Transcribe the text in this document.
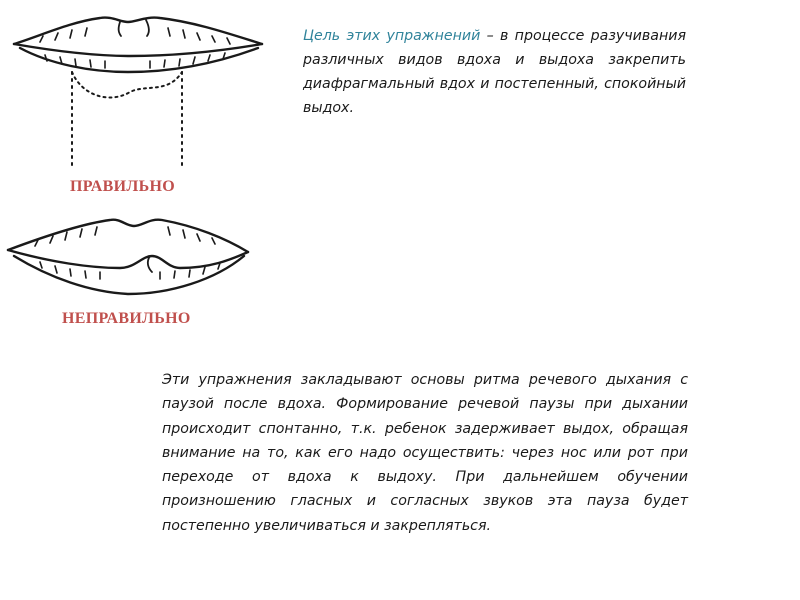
ПРАВИЛЬНО
НЕПРАВИЛЬНО
Цель этих упражнений – в процессе разучивания различных видов вдоха и выдоха закрепить диафрагмальный вдох и постепенный, спокойный выдох.
Эти упражнения закладывают основы ритма речевого дыхания с паузой после вдоха. Формирование речевой паузы при дыхании происходит спонтанно, т.к. ребенок задерживает выдох, обращая внимание на то, как его надо осуществить: через нос или рот при переходе от вдоха к выдоху. При дальнейшем обучении произношению гласных и согласных звуков эта пауза будет постепенно увеличиваться и закрепляться.
